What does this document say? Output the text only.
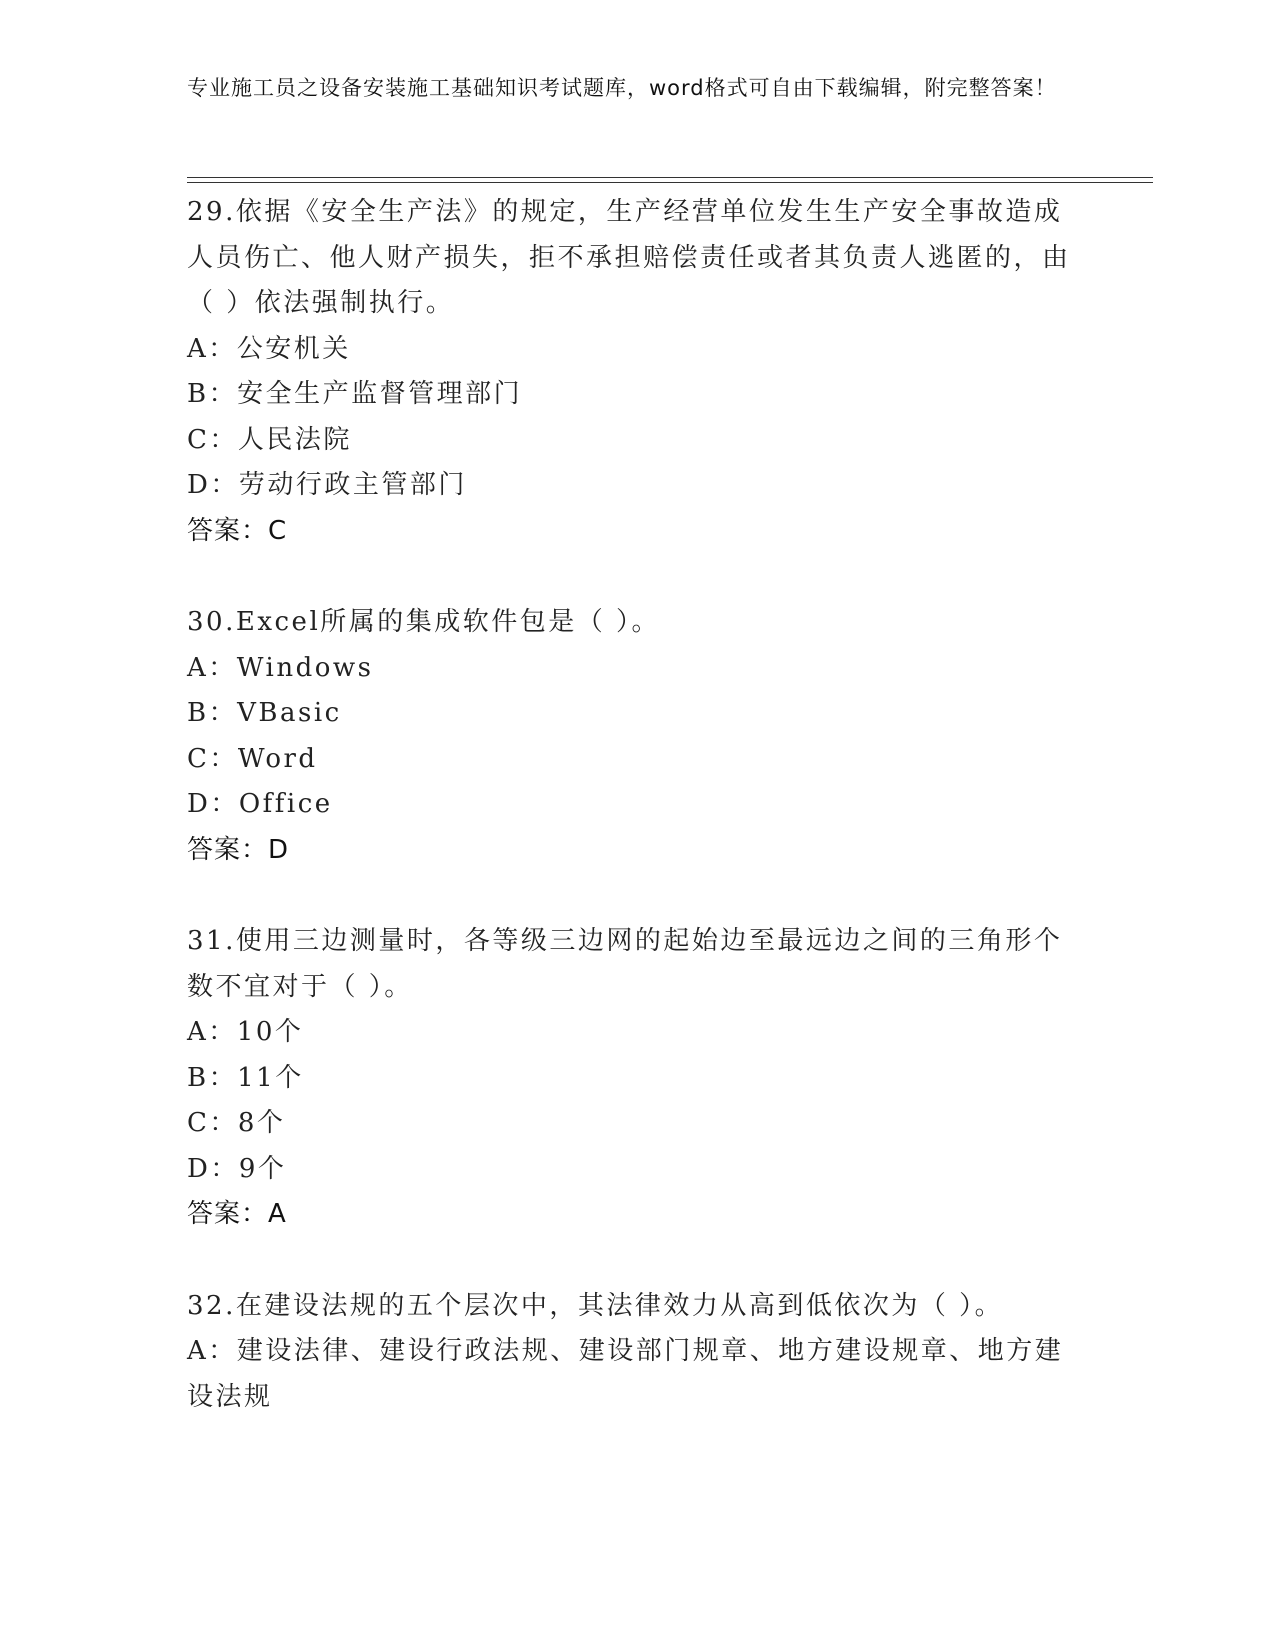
专业施工员之设备安装施工基础知识考试题库，word格式可自由下载编辑，附完整答案！
29.依据《安全生产法》的规定，生产经营单位发生生产安全事故造成人员伤亡、他人财产损失，拒不承担赔偿责任或者其负责人逃匿的，由（ ）依法强制执行。
A：公安机关
B：安全生产监督管理部门
C：人民法院
D：劳动行政主管部门
答案：C
30.Excel所属的集成软件包是（ ）。
A：Windows
B：VBasic
C：Word
D：Office
答案：D
31.使用三边测量时，各等级三边网的起始边至最远边之间的三角形个数不宜对于（ ）。
A：10个
B：11个
C：8个
D：9个
答案：A
32.在建设法规的五个层次中，其法律效力从高到低依次为（ ）。
A：建设法律、建设行政法规、建设部门规章、地方建设规章、地方建设法规
